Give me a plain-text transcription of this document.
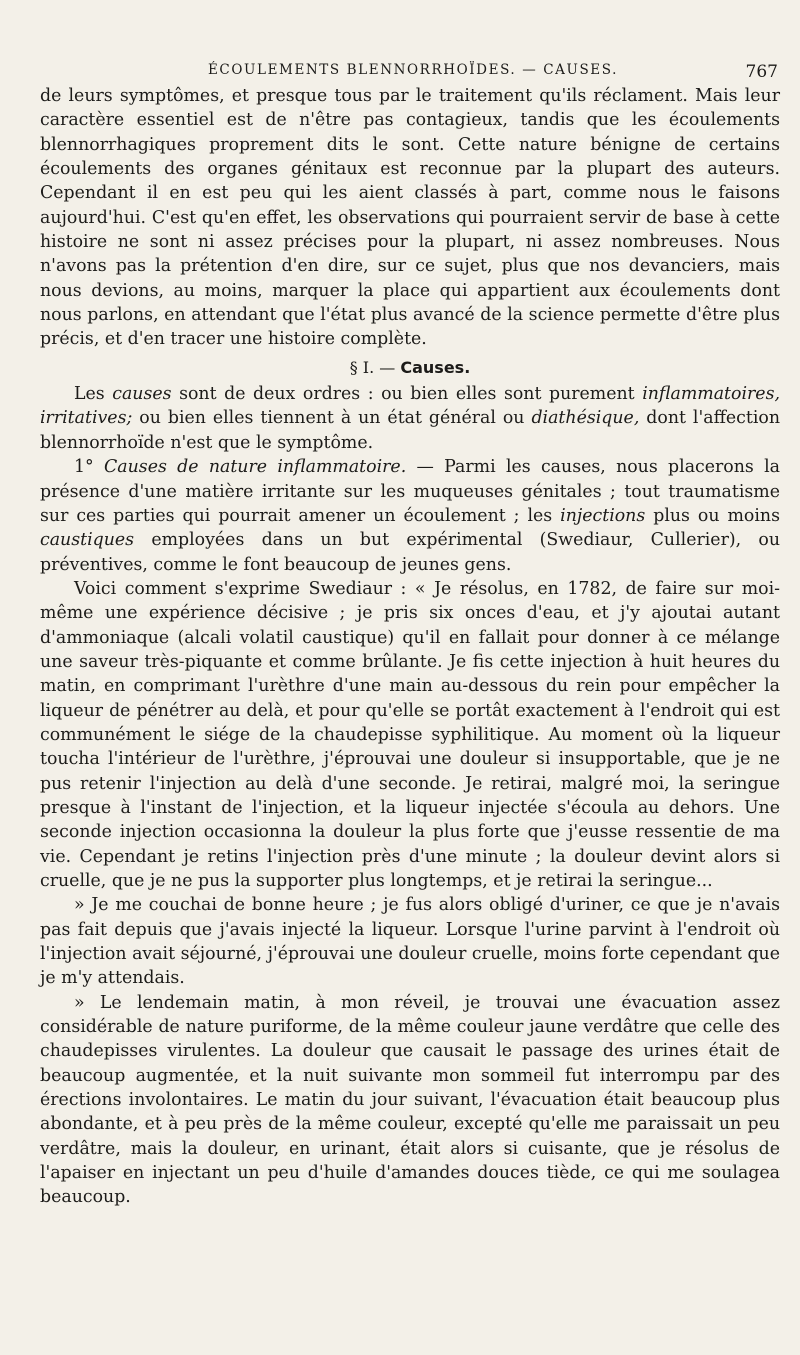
ÉCOULEMENTS BLENNORRHOÏDES. — CAUSES.	767

de leurs symptômes, et presque tous par le traitement qu'ils réclament. Mais leur caractère essentiel est de n'être pas contagieux, tandis que les écoulements blennorrhagiques proprement dits le sont. Cette nature bénigne de certains écoulements des organes génitaux est reconnue par la plupart des auteurs. Cependant il en est peu qui les aient classés à part, comme nous le faisons aujourd'hui. C'est qu'en effet, les observations qui pourraient servir de base à cette histoire ne sont ni assez précises pour la plupart, ni assez nombreuses. Nous n'avons pas la prétention d'en dire, sur ce sujet, plus que nos devanciers, mais nous devions, au moins, marquer la place qui appartient aux écoulements dont nous parlons, en attendant que l'état plus avancé de la science permette d'être plus précis, et d'en tracer une histoire complète.

§ I. — Causes.

Les causes sont de deux ordres : ou bien elles sont purement inflammatoires, irritatives; ou bien elles tiennent à un état général ou diathésique, dont l'affection blennorrhoïde n'est que le symptôme.

1° Causes de nature inflammatoire. — Parmi les causes, nous placerons la présence d'une matière irritante sur les muqueuses génitales ; tout traumatisme sur ces parties qui pourrait amener un écoulement ; les injections plus ou moins caustiques employées dans un but expérimental (Swediaur, Cullerier), ou préventives, comme le font beaucoup de jeunes gens.

Voici comment s'exprime Swediaur : « Je résolus, en 1782, de faire sur moi-même une expérience décisive ; je pris six onces d'eau, et j'y ajoutai autant d'ammoniaque (alcali volatil caustique) qu'il en fallait pour donner à ce mélange une saveur très-piquante et comme brûlante. Je fis cette injection à huit heures du matin, en comprimant l'urèthre d'une main au-dessous du rein pour empêcher la liqueur de pénétrer au delà, et pour qu'elle se portât exactement à l'endroit qui est communément le siége de la chaudepisse syphilitique. Au moment où la liqueur toucha l'intérieur de l'urèthre, j'éprouvai une douleur si insupportable, que je ne pus retenir l'injection au delà d'une seconde. Je retirai, malgré moi, la seringue presque à l'instant de l'injection, et la liqueur injectée s'écoula au dehors. Une seconde injection occasionna la douleur la plus forte que j'eusse ressentie de ma vie. Cependant je retins l'injection près d'une minute ; la douleur devint alors si cruelle, que je ne pus la supporter plus longtemps, et je retirai la seringue...

» Je me couchai de bonne heure ; je fus alors obligé d'uriner, ce que je n'avais pas fait depuis que j'avais injecté la liqueur. Lorsque l'urine parvint à l'endroit où l'injection avait séjourné, j'éprouvai une douleur cruelle, moins forte cependant que je m'y attendais.

» Le lendemain matin, à mon réveil, je trouvai une évacuation assez considérable de nature puriforme, de la même couleur jaune verdâtre que celle des chaudepisses virulentes. La douleur que causait le passage des urines était de beaucoup augmentée, et la nuit suivante mon sommeil fut interrompu par des érections involontaires. Le matin du jour suivant, l'évacuation était beaucoup plus abondante, et à peu près de la même couleur, excepté qu'elle me paraissait un peu verdâtre, mais la douleur, en urinant, était alors si cuisante, que je résolus de l'apaiser en injectant un peu d'huile d'amandes douces tiède, ce qui me soulagea beaucoup.
